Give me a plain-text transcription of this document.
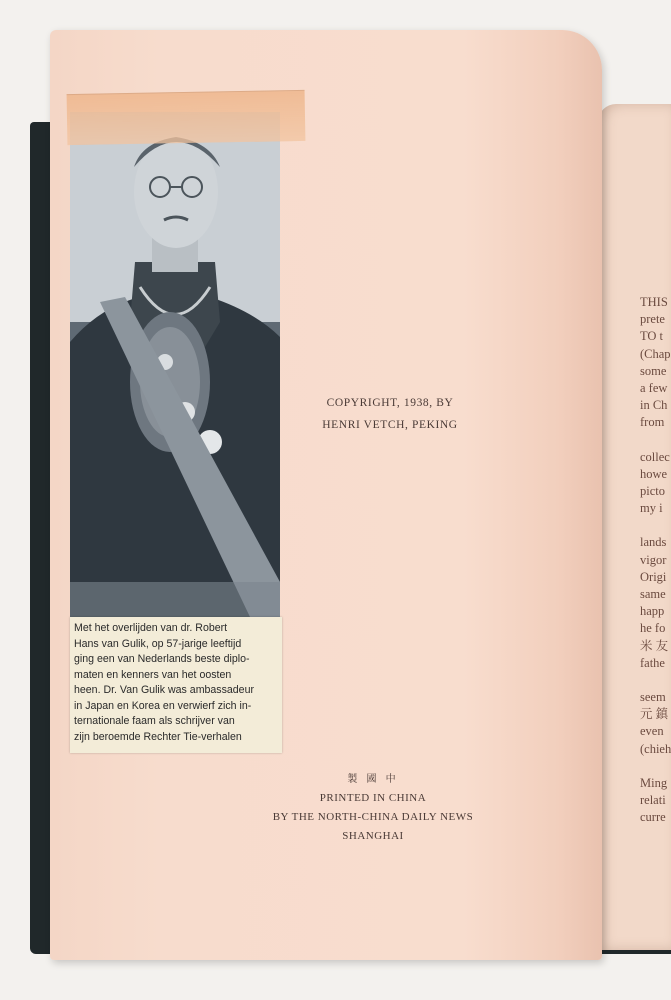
THIS
prete
TO t
(Chap
some
a few
in Ch
from
collec
howe
picto
my i
lands
vigor
Origi
same
happ
he fo
米 友
fathe
seem
元 鎮
even
(chieh
Ming
relati
curre
Met het overlijden van dr. Robert
Hans van Gulik, op 57-jarige leeftijd
ging een van Nederlands beste diplo-
maten en kenners van het oosten
heen. Dr. Van Gulik was ambassadeur
in Japan en Korea en verwierf zich in-
ternationale faam als schrijver van
zijn beroemde Rechter Tie-verhalen
COPYRIGHT, 1938, BY
HENRI VETCH, PEKING
製 國 中
PRINTED IN CHINA
BY THE NORTH-CHINA DAILY NEWS
SHANGHAI
